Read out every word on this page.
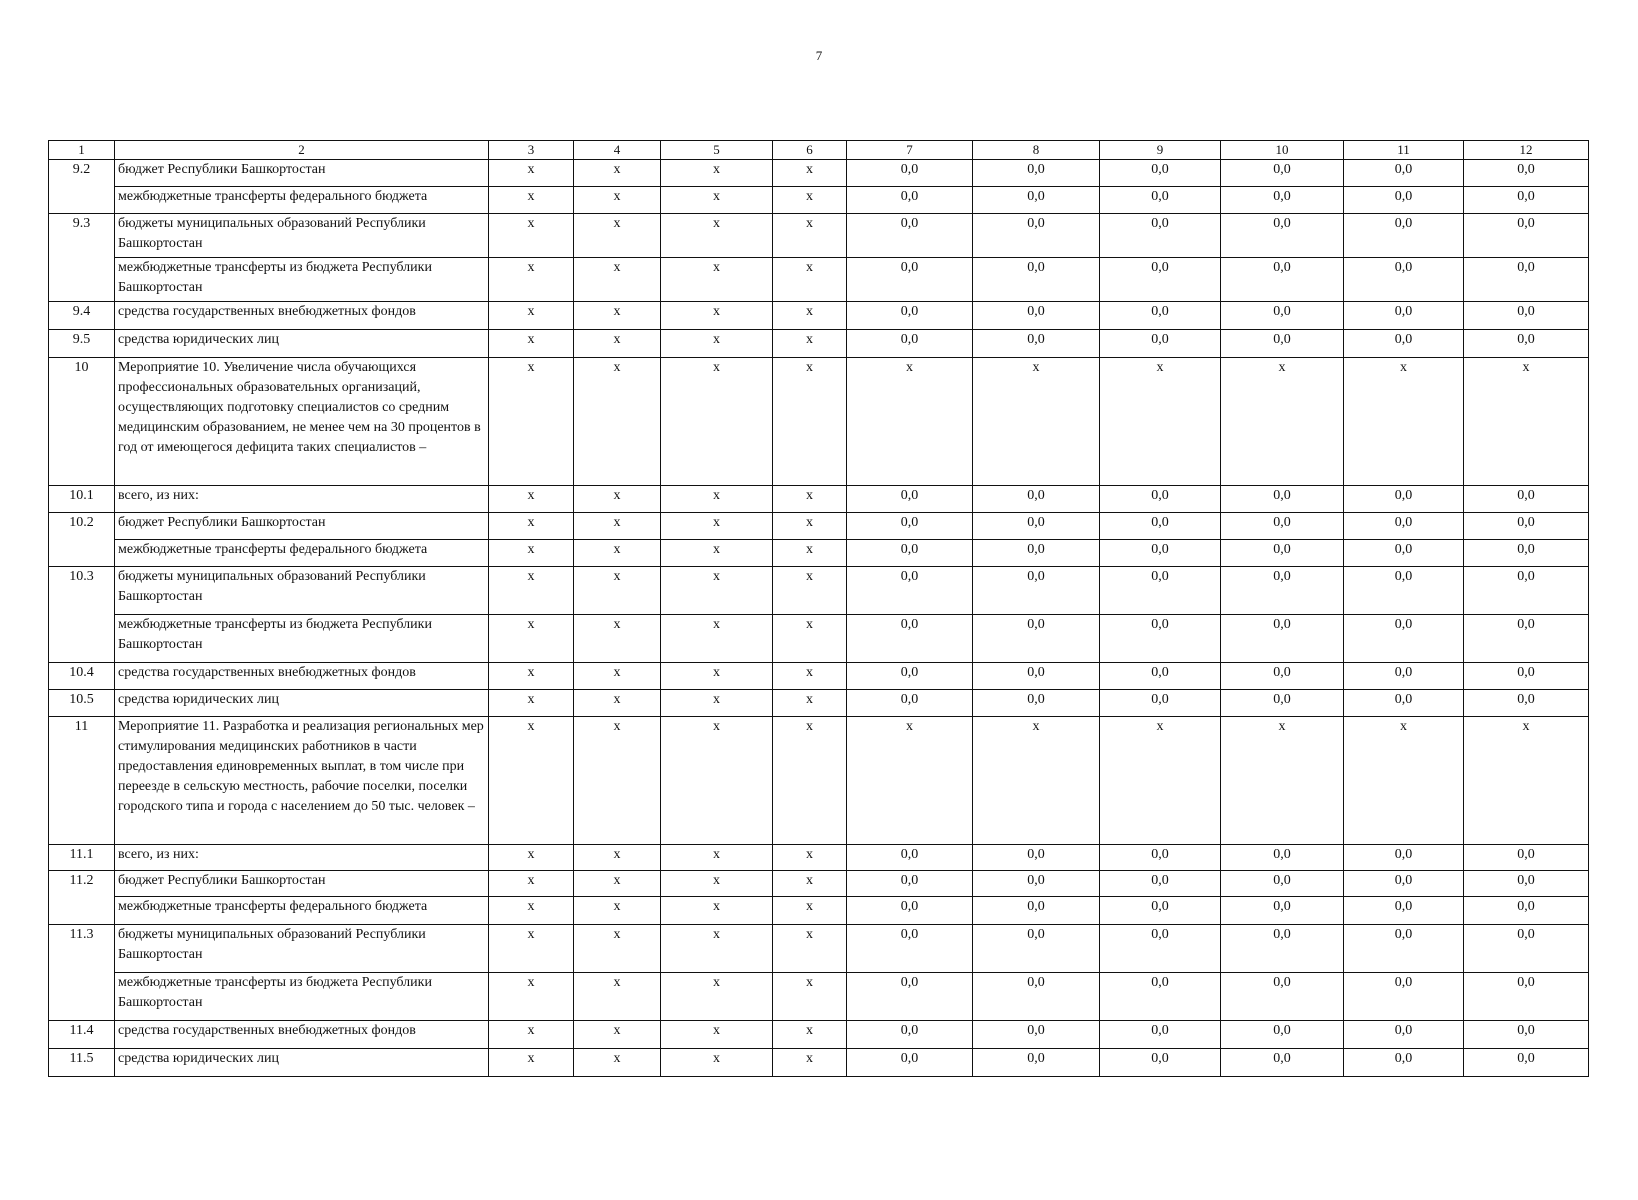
7
1	2	3	4	5	6	7	8	9	10	11	12
9.2	бюджет Республики Башкортостан	x	x	x	x	0,0	0,0	0,0	0,0	0,0	0,0
	межбюджетные трансферты федерального бюджета	x	x	x	x	0,0	0,0	0,0	0,0	0,0	0,0
9.3	бюджеты муниципальных образований Республики Башкортостан	x	x	x	x	0,0	0,0	0,0	0,0	0,0	0,0
	межбюджетные трансферты из бюджета Республики Башкортостан	x	x	x	x	0,0	0,0	0,0	0,0	0,0	0,0
9.4	средства государственных внебюджетных фондов	x	x	x	x	0,0	0,0	0,0	0,0	0,0	0,0
9.5	средства юридических лиц	x	x	x	x	0,0	0,0	0,0	0,0	0,0	0,0
10	Мероприятие 10. Увеличение числа обучающихся профессиональных образовательных организаций, осуществляющих подготовку специалистов со средним медицинским образованием, не менее чем на 30 процентов в год от имеющегося дефицита таких специалистов –	x	x	x	x	x	x	x	x	x	x
10.1	всего, из них:	x	x	x	x	0,0	0,0	0,0	0,0	0,0	0,0
10.2	бюджет Республики Башкортостан	x	x	x	x	0,0	0,0	0,0	0,0	0,0	0,0
	межбюджетные трансферты федерального бюджета	x	x	x	x	0,0	0,0	0,0	0,0	0,0	0,0
10.3	бюджеты муниципальных образований Республики Башкортостан	x	x	x	x	0,0	0,0	0,0	0,0	0,0	0,0
	межбюджетные трансферты из бюджета Республики Башкортостан	x	x	x	x	0,0	0,0	0,0	0,0	0,0	0,0
10.4	средства государственных внебюджетных фондов	x	x	x	x	0,0	0,0	0,0	0,0	0,0	0,0
10.5	средства юридических лиц	x	x	x	x	0,0	0,0	0,0	0,0	0,0	0,0
11	Мероприятие 11. Разработка и реализация региональных мер стимулирования медицинских работников в части предоставления единовременных выплат, в том числе при переезде в сельскую местность, рабочие поселки, поселки городского типа и города с населением до 50 тыс. человек –	x	x	x	x	x	x	x	x	x	x
11.1	всего, из них:	x	x	x	x	0,0	0,0	0,0	0,0	0,0	0,0
11.2	бюджет Республики Башкортостан	x	x	x	x	0,0	0,0	0,0	0,0	0,0	0,0
	межбюджетные трансферты федерального бюджета	x	x	x	x	0,0	0,0	0,0	0,0	0,0	0,0
11.3	бюджеты муниципальных образований Республики Башкортостан	x	x	x	x	0,0	0,0	0,0	0,0	0,0	0,0
	межбюджетные трансферты из бюджета Республики Башкортостан	x	x	x	x	0,0	0,0	0,0	0,0	0,0	0,0
11.4	средства государственных внебюджетных фондов	x	x	x	x	0,0	0,0	0,0	0,0	0,0	0,0
11.5	средства юридических лиц	x	x	x	x	0,0	0,0	0,0	0,0	0,0	0,0
